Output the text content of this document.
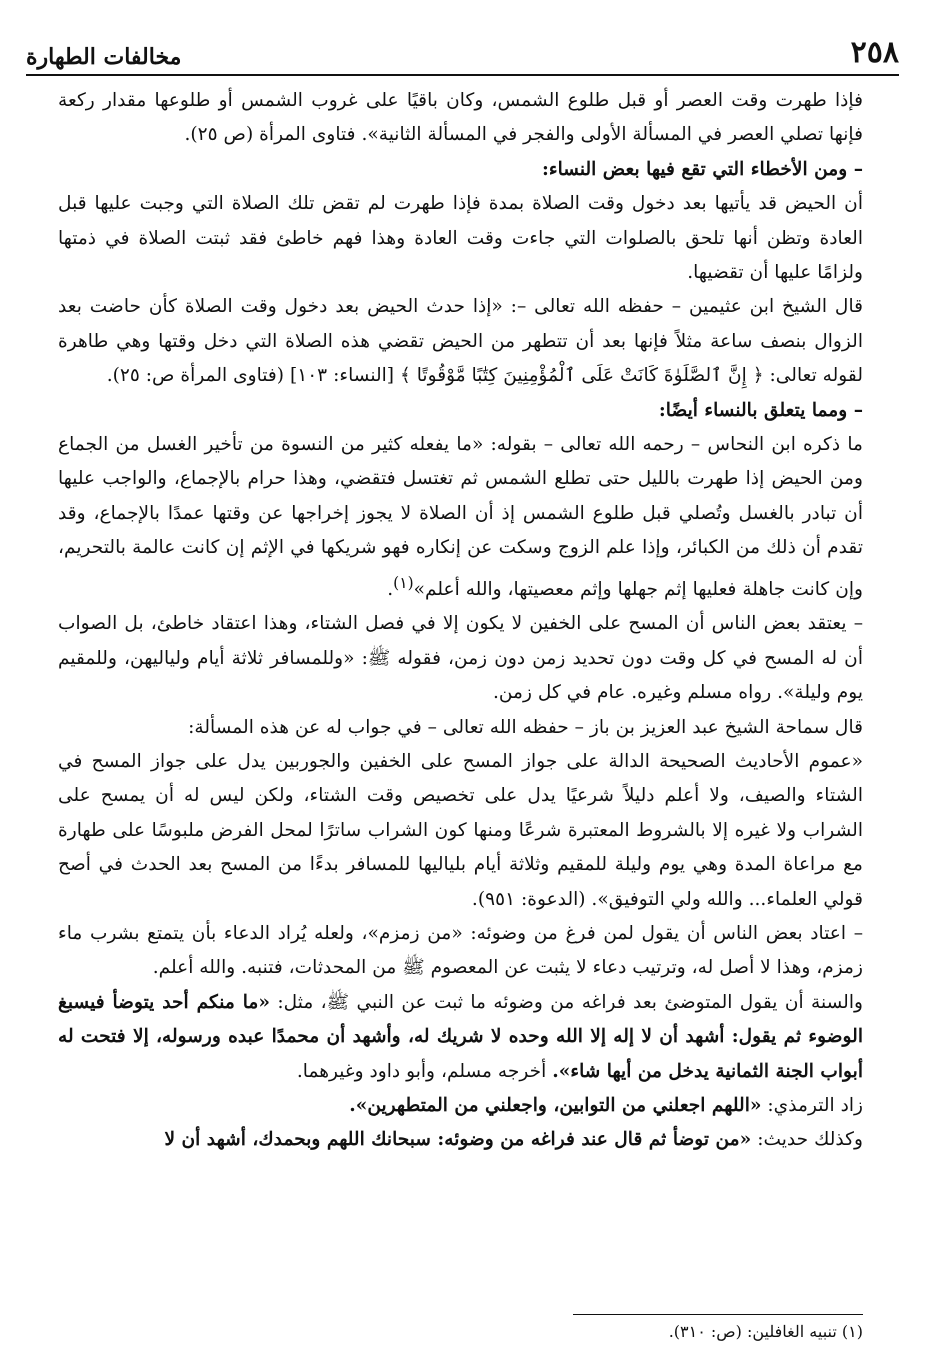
٢٥٨
مخالفات الطهارة

فإذا طهرت وقت العصر أو قبل طلوع الشمس، وكان باقيًا على غروب الشمس أو طلوعها مقدار ركعة فإنها تصلي العصر في المسألة الأولى والفجر في المسألة الثانية». فتاوى المرأة (ص ٢٥).

– ومن الأخطاء التي تقع فيها بعض النساء:

أن الحيض قد يأتيها بعد دخول وقت الصلاة بمدة فإذا طهرت لم تقض تلك الصلاة التي وجبت عليها قبل العادة وتظن أنها تلحق بالصلوات التي جاءت وقت العادة وهذا فهم خاطئ فقد ثبتت الصلاة في ذمتها ولزامًا عليها أن تقضيها.

قال الشيخ ابن عثيمين – حفظه الله تعالى –: «إذا حدث الحيض بعد دخول وقت الصلاة كأن حاضت بعد الزوال بنصف ساعة مثلاً فإنها بعد أن تتطهر من الحيض تقضي هذه الصلاة التي دخل وقتها وهي طاهرة لقوله تعالى: ﴿ إِنَّ ٱلصَّلَوٰةَ كَانَتْ عَلَى ٱلْمُؤْمِنِينَ كِتَٰبًا مَّوْقُوتًا ﴾ [النساء: ١٠٣] (فتاوى المرأة ص: ٢٥).

– ومما يتعلق بالنساء أيضًا:

ما ذكره ابن النحاس – رحمه الله تعالى – بقوله: «ما يفعله كثير من النسوة من تأخير الغسل من الجماع ومن الحيض إذا طهرت بالليل حتى تطلع الشمس ثم تغتسل فتقضي، وهذا حرام بالإجماع، والواجب عليها أن تبادر بالغسل وتُصلي قبل طلوع الشمس إذ أن الصلاة لا يجوز إخراجها عن وقتها عمدًا بالإجماع، وقد تقدم أن ذلك من الكبائر، وإذا علم الزوج وسكت عن إنكاره فهو شريكها في الإثم إن كانت عالمة بالتحريم، وإن كانت جاهلة فعليها إثم جهلها وإثم معصيتها، والله أعلم»$^{(١)}$.

– يعتقد بعض الناس أن المسح على الخفين لا يكون إلا في فصل الشتاء، وهذا اعتقاد خاطئ، بل الصواب أن له المسح في كل وقت دون تحديد زمن دون زمن، فقوله ﷺ: «وللمسافر ثلاثة أيام ولياليهن، وللمقيم يوم وليلة». رواه مسلم وغيره. عام في كل زمن.

قال سماحة الشيخ عبد العزيز بن باز – حفظه الله تعالى – في جواب له عن هذه المسألة:

«عموم الأحاديث الصحيحة الدالة على جواز المسح على الخفين والجوربين يدل على جواز المسح في الشتاء والصيف، ولا أعلم دليلاً شرعيًا يدل على تخصيص وقت الشتاء، ولكن ليس له أن يمسح على الشراب ولا غيره إلا بالشروط المعتبرة شرعًا ومنها كون الشراب ساترًا لمحل الفرض ملبوسًا على طهارة مع مراعاة المدة وهي يوم وليلة للمقيم وثلاثة أيام بلياليها للمسافر بدءًا من المسح بعد الحدث في أصح قولي العلماء... والله ولي التوفيق». (الدعوة: ٩٥١).

– اعتاد بعض الناس أن يقول لمن فرغ من وضوئه: «من زمزم»، ولعله يُراد الدعاء بأن يتمتع بشرب ماء زمزم، وهذا لا أصل له، وترتيب دعاء لا يثبت عن المعصوم ﷺ من المحدثات، فتنبه. والله أعلم.

والسنة أن يقول المتوضئ بعد فراغه من وضوئه ما ثبت عن النبي ﷺ، مثل: «ما منكم أحد يتوضأ فيسبغ الوضوء ثم يقول: أشهد أن لا إله إلا الله وحده لا شريك له، وأشهد أن محمدًا عبده ورسوله، إلا فتحت له أبواب الجنة الثمانية يدخل من أيها شاء». أخرجه مسلم، وأبو داود وغيرهما.

زاد الترمذي: «اللهم اجعلني من التوابين، واجعلني من المتطهرين».

وكذلك حديث: «من توضأ ثم قال عند فراغه من وضوئه: سبحانك اللهم وبحمدك، أشهد أن لا

(١) تنبيه الغافلين: (ص: ٣١٠).
